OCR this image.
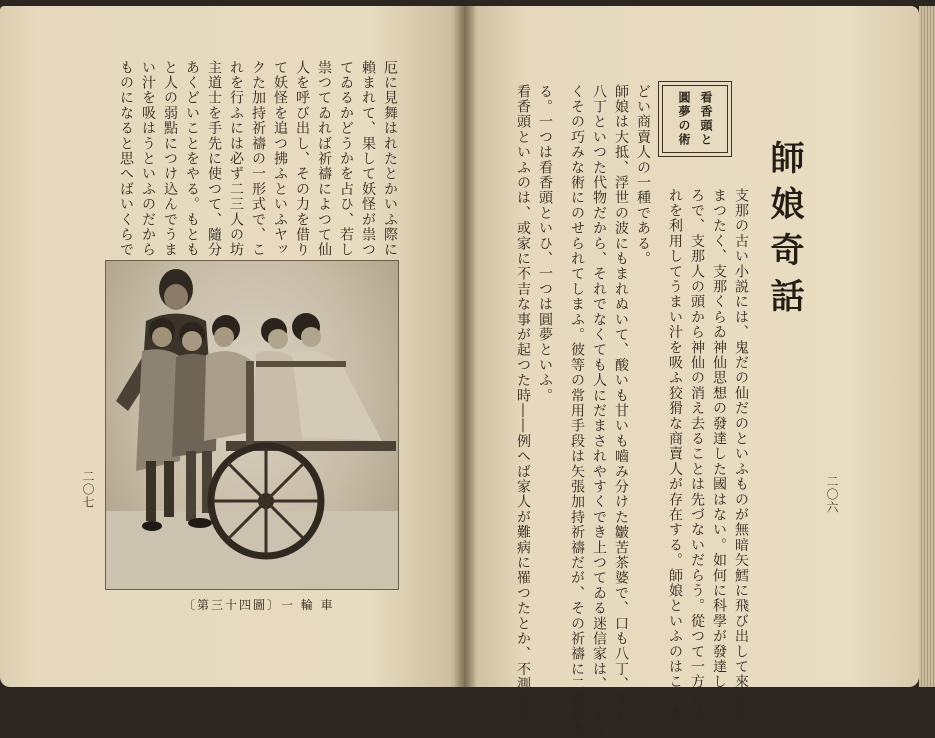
師娘奇話
看香頭と
圓夢の術
支那の古い小説には、鬼だの仙だのといふものが無暗矢鱈に飛び出して來るが
まつたく、支那くらゐ神仙思想の發達した國はない。如何に科學が發達したとこ
ろで、支那人の頭から神仙の消え去ることは先づないだらう。從つて一方にはこ
れを利用してうまい汁を吸ふ狡猾な商賣人が存在する。師娘といふのはこのあく
どい商賣人の一種である。
師娘は大抵、浮世の波にもまれぬいて、酸いも甘いも嚙み分けた皺苦茶婆で、口も八丁、手も
八丁といつた代物だから、それでなくても人にだまされやすくでき上つてゐる迷信家は、苦もな
くその巧みな術にのせられてしまふ。彼等の常用手段は矢張加持祈禱だが、その祈禱に二種類あ
る。一つは看香頭といひ、一つは圓夢といふ。
看香頭といふのは、或家に不吉な事が起つた時――例へば家人が難病に罹つたとか、不測の災	二〇六
厄に見舞はれたとかいふ際に
賴まれて、果して妖怪が祟つ
てゐるかどうかを占ひ、若し
祟つてゐれば祈禱によつて仙
人を呼び出し、その力を借り
て妖怪を追つ拂ふといふヤッ
クた加持祈禱の一形式で、こ
れを行ふには必ず二三人の坊
主道士を手先に使つて、隨分
あくどいことをやる。もとも
と人の弱點につけ込んでうま
い汁を吸はうといふのだから
ものになると思へばいくらで
二〇七
〔第三十四圖〕一 輪 車
